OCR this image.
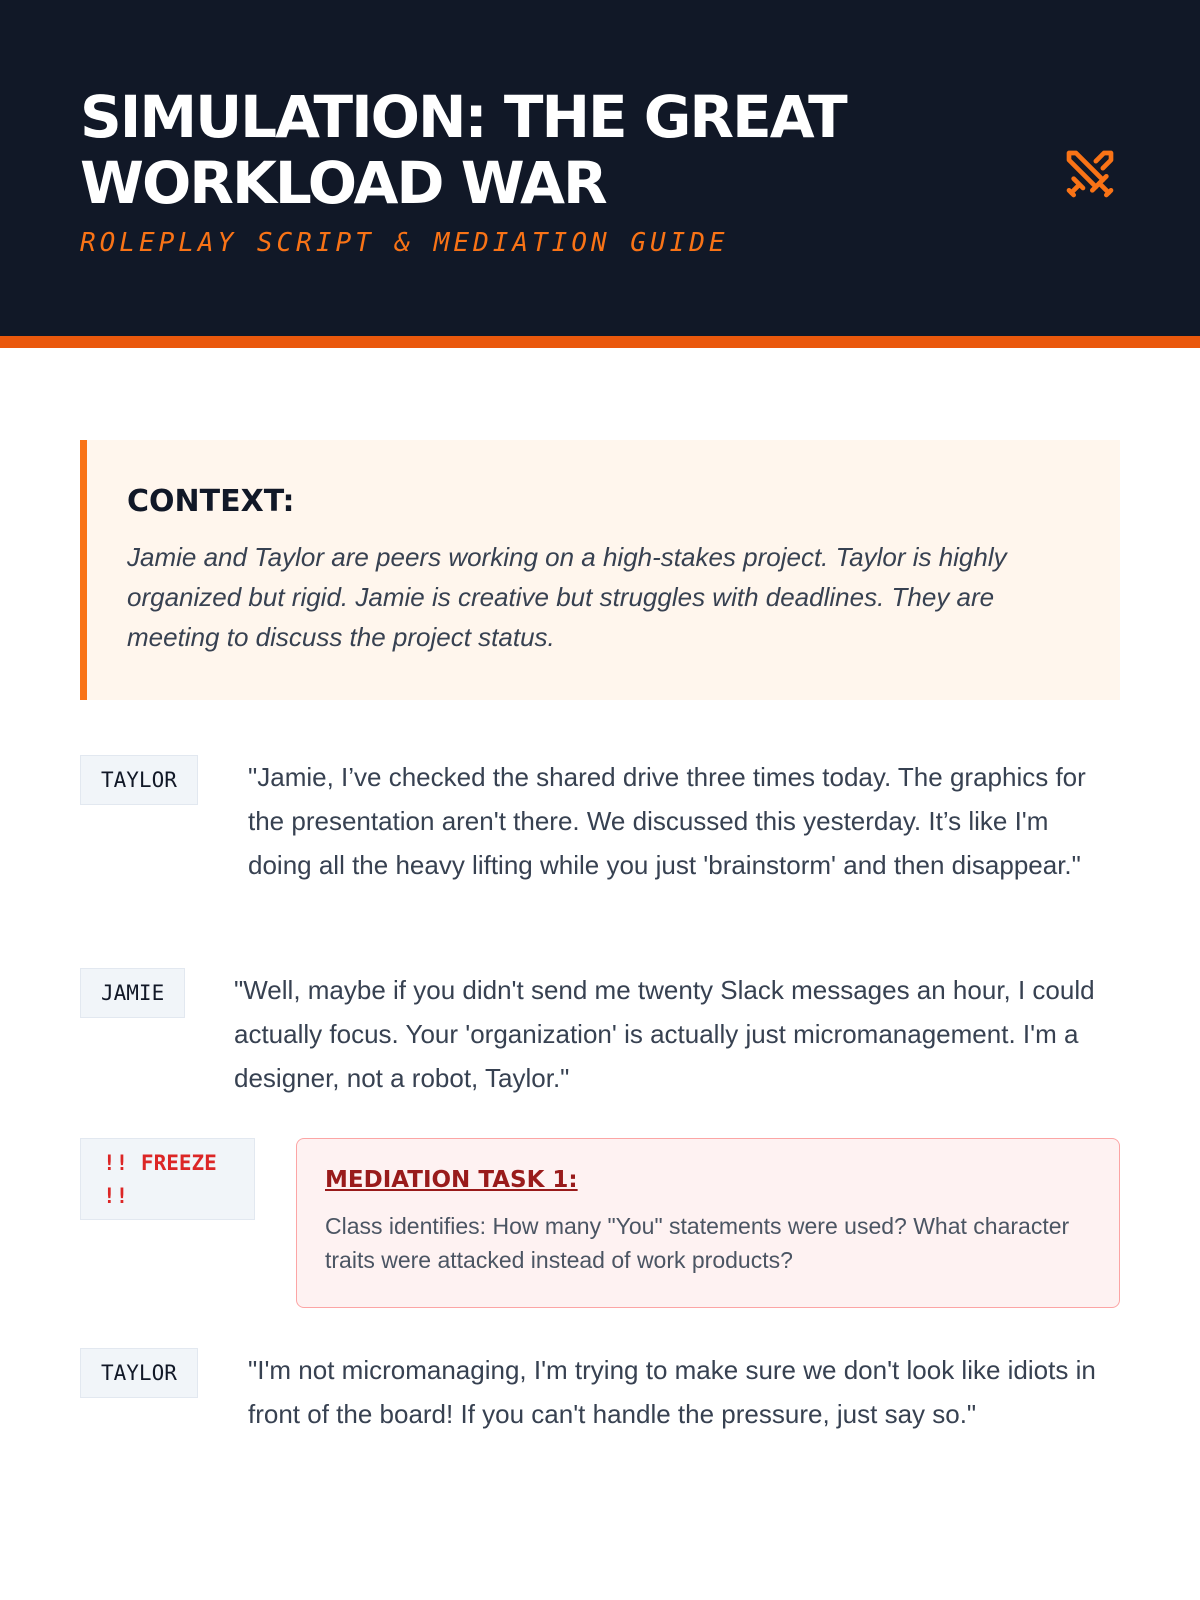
SIMULATION: THE GREAT WORKLOAD WAR
ROLEPLAY SCRIPT & MEDIATION GUIDE
CONTEXT:

Jamie and Taylor are peers working on a high-stakes project. Taylor is highly organized but rigid. Jamie is creative but struggles with deadlines. They are meeting to discuss the project status.

TAYLOR	"Jamie, I’ve checked the shared drive three times today. The graphics for the presentation aren't there. We discussed this yesterday. It’s like I'm doing all the heavy lifting while you just 'brainstorm' and then disappear."

JAMIE	"Well, maybe if you didn't send me twenty Slack messages an hour, I could actually focus. Your 'organization' is actually just micromanagement. I'm a designer, not a robot, Taylor."

!! FREEZE !!
MEDIATION TASK 1:

Class identifies: How many "You" statements were used? What character traits were attacked instead of work products?

TAYLOR	"I'm not micromanaging, I'm trying to make sure we don't look like idiots in front of the board! If you can't handle the pressure, just say so."
